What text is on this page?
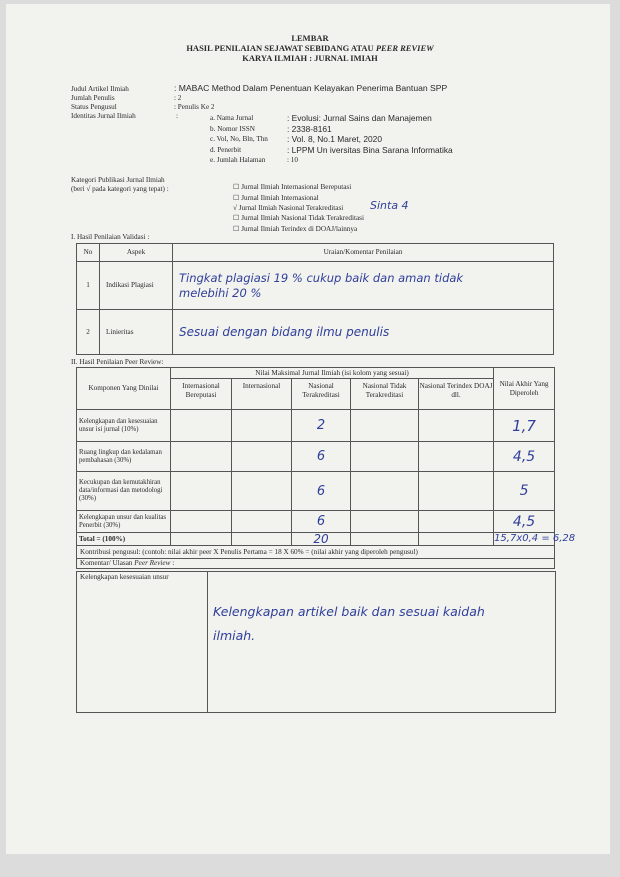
LEMBAR
HASIL PENILAIAN SEJAWAT SEBIDANG ATAU PEER REVIEW
KARYA ILMIAH : JURNAL IMIAH
Judul Artikel Ilmiah	: MABAC Method Dalam Penentuan Kelayakan Penerima Bantuan SPP
Jumlah Penulis	: 2
Status Pengusul	: Penulis Ke 2
Identitas Jurnal Ilmiah	:	a. Nama Jurnal	: Evolusi: Jurnal Sains dan Manajemen
b. Nomor ISSN	: 2338-8161
c. Vol, No, Bln, Thn : Vol. 8, No.1 Maret, 2020
d. Penerbit	: LPPM Un iversitas Bina Sarana Informatika
e. Jumlah Halaman	: 10
Kategori Publikasi Jurnal Ilmiah
(beri √ pada kategori yang tepat) :	☐ Jurnal Ilmiah Internasional Bereputasi
☐ Jurnal Ilmiah Internasional
√ Jurnal Ilmiah Nasional Terakreditasi Sinta 4
☐ Jurnal Ilmiah Nasional Tidak Terakreditasi
☐ Jurnal Ilmiah Terindex di DOAJ/lainnya
I. Hasil Penilaian Validasi :
No	Aspek	Uraian/Komentar Penilaian
1	Indikasi Plagiasi	Tingkat plagiasi 19 % cukup baik dan aman tidak
melebihi 20 %

2	Linieritas	Sesuai dengan bidang ilmu penulis
II. Hasil Penilaian Peer Review:
Komponen Yang Dinilai	Nilai Maksimal Jurnal Ilmiah (isi kolom yang sesuai)					Nilai Akhir Yang Diperoleh
	Internasional Bereputasi	Internasional	Nasional Terakreditasi	Nasional Tidak Terakreditasi	Nasional Terindex DOAJ dll.	
Kelengkapan dan kesesuaian unsur isi jurnal (10%)			2			1,7
Ruang lingkup dan kedalaman pembahasan (30%)			6			4,5
Kecukupan dan kemutakhiran data/informasi dan metodologi (30%)			6			5
Kelengkapan unsur dan kualitas Penerbit (30%)			6			4,5
Total = (100%)			20			15,7x0,4 = 6,28
Kontribusi pengusul: (contoh: nilai akhir peer X Penulis Pertama = 18 X 60% = (nilai akhir yang diperoleh pengusul)						
Komentar/ Ulasan Peer Review :						
Kelengkapan kesesuaian unsur
Kelengkapan artikel baik dan sesuai kaidah
ilmiah.
